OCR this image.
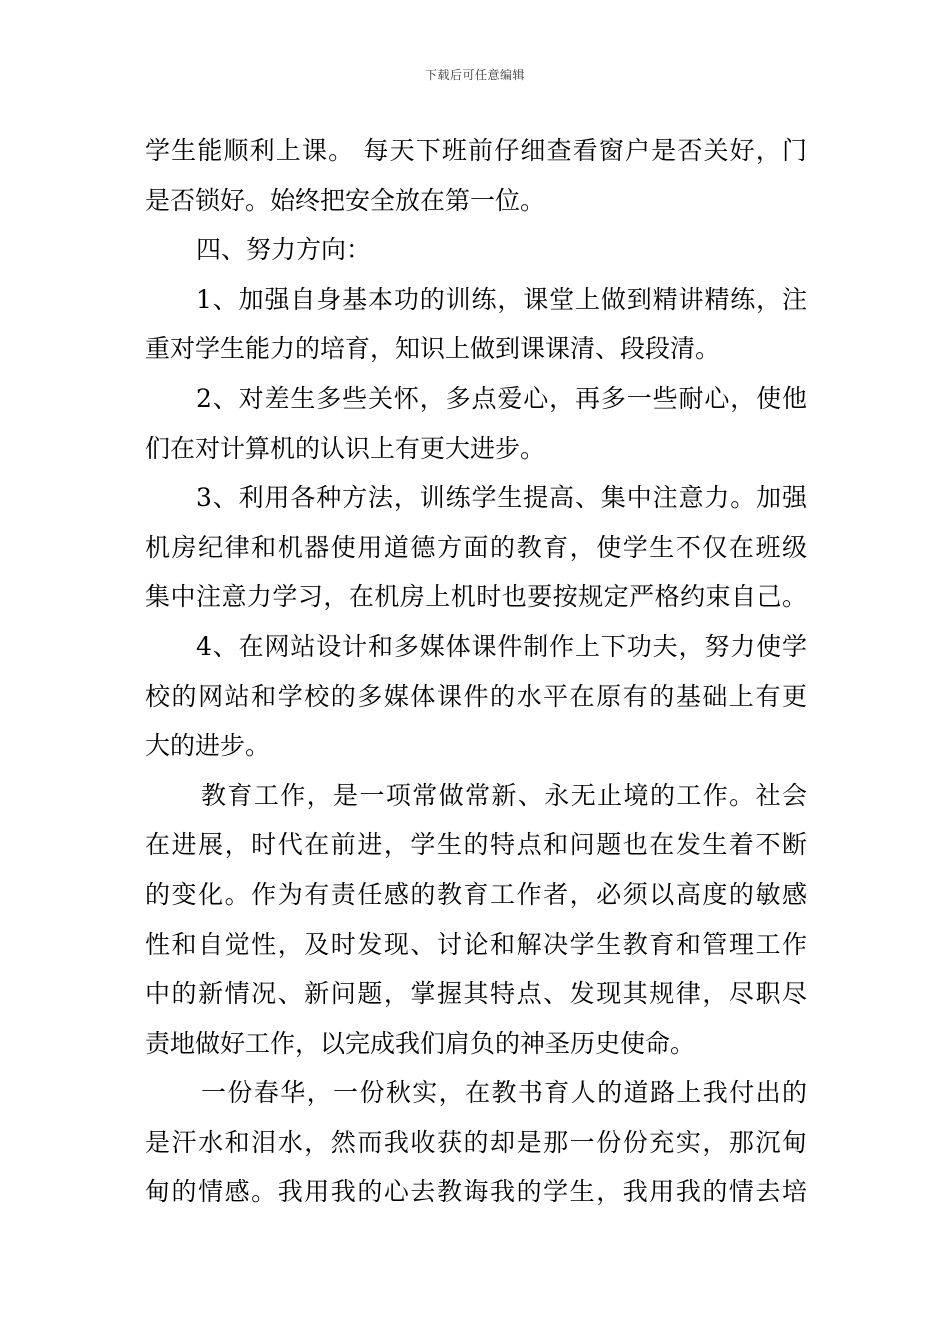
下载后可任意编辑
学生能顺利上课。 每天下班前仔细查看窗户是否关好，门
是否锁好。始终把安全放在第一位。
四、努力方向：
1、加强自身基本功的训练，课堂上做到精讲精练，注
重对学生能力的培育，知识上做到课课清、段段清。
2、对差生多些关怀，多点爱心，再多一些耐心，使他
们在对计算机的认识上有更大进步。
3、利用各种方法，训练学生提高、集中注意力。加强
机房纪律和机器使用道德方面的教育，使学生不仅在班级
集中注意力学习，在机房上机时也要按规定严格约束自己。
4、在网站设计和多媒体课件制作上下功夫，努力使学
校的网站和学校的多媒体课件的水平在原有的基础上有更
大的进步。
教育工作，是一项常做常新、永无止境的工作。社会
在进展，时代在前进，学生的特点和问题也在发生着不断
的变化。作为有责任感的教育工作者，必须以高度的敏感
性和自觉性，及时发现、讨论和解决学生教育和管理工作
中的新情况、新问题，掌握其特点、发现其规律，尽职尽
责地做好工作，以完成我们肩负的神圣历史使命。
一份春华，一份秋实，在教书育人的道路上我付出的
是汗水和泪水，然而我收获的却是那一份份充实，那沉甸
甸的情感。我用我的心去教诲我的学生，我用我的情去培
